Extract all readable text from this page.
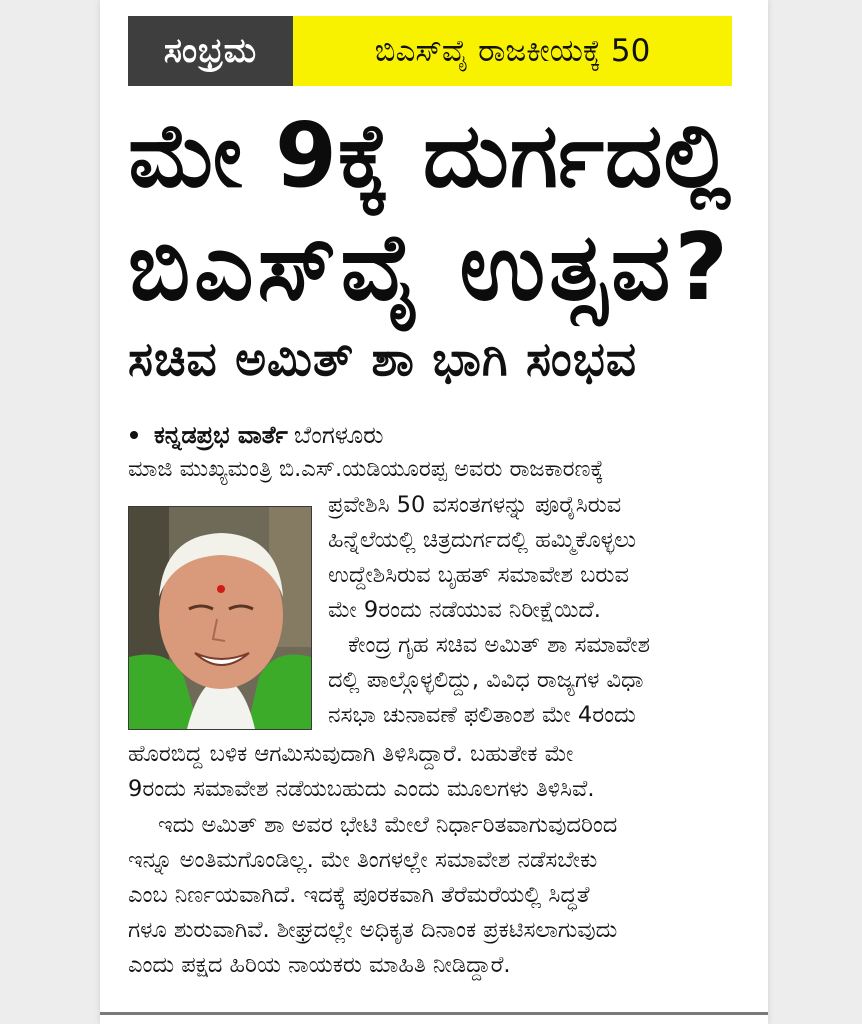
ಸಂಭ್ರಮ	ಬಿಎಸ್‌ವೈ ರಾಜಕೀಯಕ್ಕೆ 50
ಮೇ 9ಕ್ಕೆ ದುರ್ಗದಲ್ಲಿ
ಬಿಎಸ್‌ವೈ ಉತ್ಸವ?
ಸಚಿವ ಅಮಿತ್‌ ಶಾ ಭಾಗಿ ಸಂಭವ
ಕನ್ನಡಪ್ರಭ ವಾರ್ತೆ ಬೆಂಗಳೂರು

ಮಾಜಿ ಮುಖ್ಯಮಂತ್ರಿ ಬಿ.ಎಸ್.ಯಡಿಯೂರಪ್ಪ ಅವರು ರಾಜಕಾರಣಕ್ಕೆ

ಪ್ರವೇಶಿಸಿ 50 ವಸಂತಗಳನ್ನು ಪೂರೈಸಿರುವ

ಹಿನ್ನೆಲೆಯಲ್ಲಿ ಚಿತ್ರದುರ್ಗದಲ್ಲಿ ಹಮ್ಮಿಕೊಳ್ಳಲು

ಉದ್ದೇಶಿಸಿರುವ ಬೃಹತ್ ಸಮಾವೇಶ ಬರುವ

ಮೇ 9ರಂದು ನಡೆಯುವ ನಿರೀಕ್ಷೆಯಿದೆ.

ಕೇಂದ್ರ ಗೃಹ ಸಚಿವ ಅಮಿತ್ ಶಾ ಸಮಾವೇಶ

ದಲ್ಲಿ ಪಾಲ್ಗೊಳ್ಳಲಿದ್ದು, ವಿವಿಧ ರಾಜ್ಯಗಳ ವಿಧಾ

ನಸಭಾ ಚುನಾವಣೆ ಫಲಿತಾಂಶ ಮೇ 4ರಂದು

ಹೊರಬಿದ್ದ ಬಳಿಕ ಆಗಮಿಸುವುದಾಗಿ ತಿಳಿಸಿದ್ದಾರೆ. ಬಹುತೇಕ ಮೇ

9ರಂದು ಸಮಾವೇಶ ನಡೆಯಬಹುದು ಎಂದು ಮೂಲಗಳು ತಿಳಿಸಿವೆ.

ಇದು ಅಮಿತ್ ಶಾ ಅವರ ಭೇಟಿ ಮೇಲೆ ನಿರ್ಧಾರಿತವಾಗುವುದರಿಂದ

ಇನ್ನೂ ಅಂತಿಮಗೊಂಡಿಲ್ಲ. ಮೇ ತಿಂಗಳಲ್ಲೇ ಸಮಾವೇಶ ನಡೆಸಬೇಕು

ಎಂಬ ನಿರ್ಣಯವಾಗಿದೆ. ಇದಕ್ಕೆ ಪೂರಕವಾಗಿ ತೆರೆಮರೆಯಲ್ಲಿ ಸಿದ್ಧತೆ

ಗಳೂ ಶುರುವಾಗಿವೆ. ಶೀಘ್ರದಲ್ಲೇ ಅಧಿಕೃತ ದಿನಾಂಕ ಪ್ರಕಟಿಸಲಾಗುವುದು

ಎಂದು ಪಕ್ಷದ ಹಿರಿಯ ನಾಯಕರು ಮಾಹಿತಿ ನೀಡಿದ್ದಾರೆ.
